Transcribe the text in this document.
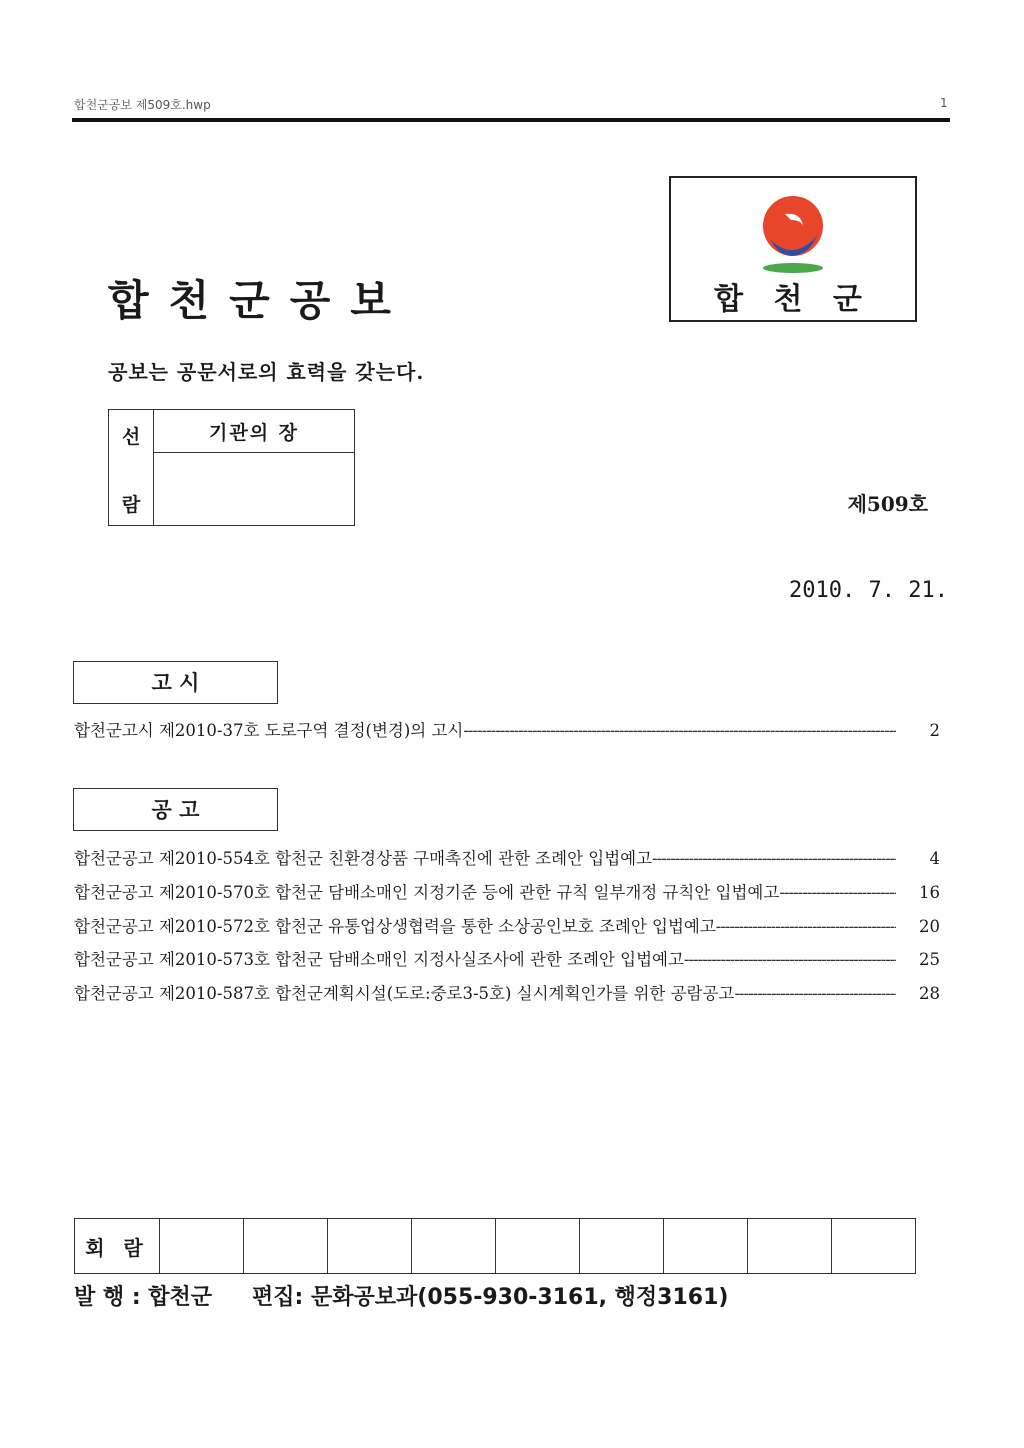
합천군공보 제509호.hwp	1
합천군공보	합 천 군
공보는 공문서로의 효력을 갖는다.
선
람
	기관의 장

제509호
2010. 7. 21.
고 시
합천군고시 제2010-37호 도로구역 결정(변경)의 고시 -----	2
공 고
합천군공고 제2010-554호 합천군 친환경상품 구매촉진에 관한 조례안 입법예고 -----	4
합천군공고 제2010-570호 합천군 담배소매인 지정기준 등에 관한 규칙 일부개정 규칙안 입법예고 -----	16
합천군공고 제2010-572호 합천군 유통업상생협력을 통한 소상공인보호 조례안 입법예고 -----	20
합천군공고 제2010-573호 합천군 담배소매인 지정사실조사에 관한 조례안 입법예고 -----	25
합천군공고 제2010-587호 합천군계획시설(도로:중로3-5호) 실시계획인가를 위한 공람공고 -----	28
회 람									
발 행 : 합천군 편집: 문화공보과(055-930-3161, 행정3161)
